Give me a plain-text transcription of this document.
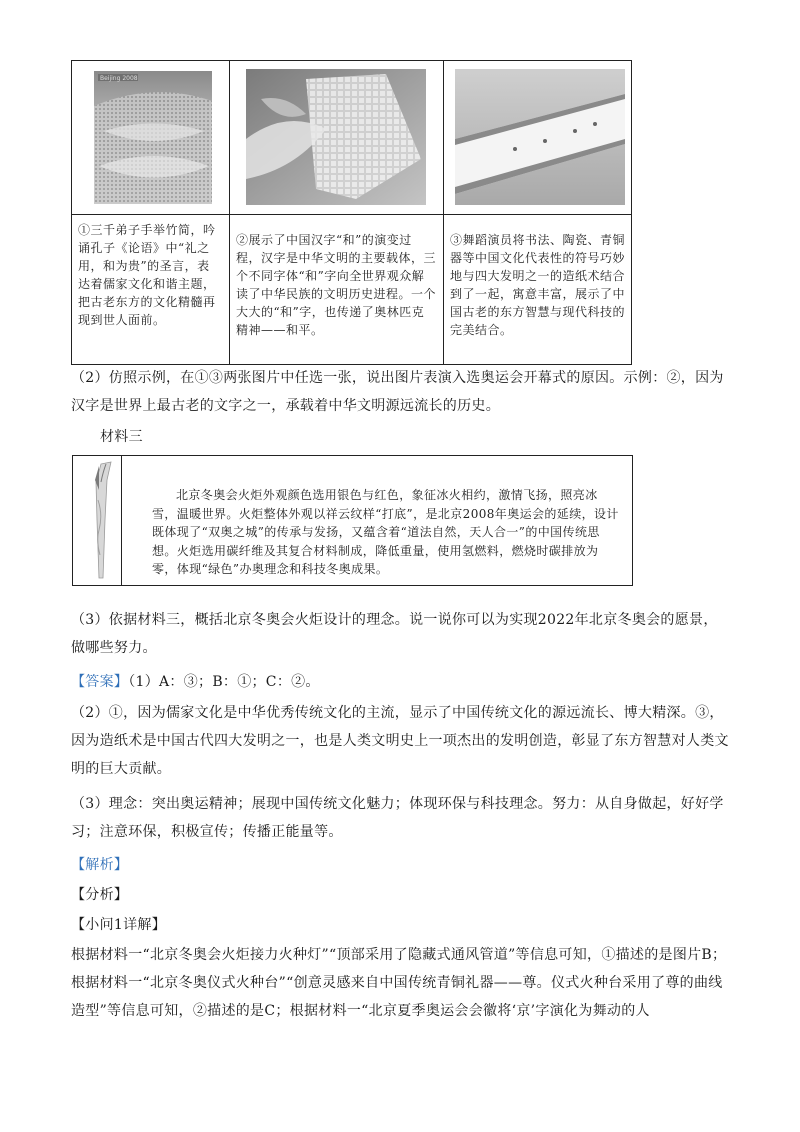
Beijing 2008
①三千弟子手举竹简，吟诵孔子《论语》中“礼之用，和为贵”的圣言，表达着儒家文化和谐主题，把古老东方的文化精髓再现到世人面前。
②展示了中国汉字“和”的演变过程，汉字是中华文明的主要载体，三个不同字体“和”字向全世界观众解读了中华民族的文明历史进程。一个大大的“和”字，也传递了奥林匹克精神——和平。
③舞蹈演员将书法、陶瓷、青铜器等中国文化代表性的符号巧妙地与四大发明之一的造纸术结合到了一起，寓意丰富，展示了中国古老的东方智慧与现代科技的完美结合。
（2）仿照示例，在①③两张图片中任选一张，说出图片表演入选奥运会开幕式的原因。示例：②，因为汉字是世界上最古老的文字之一，承载着中华文明源远流长的历史。
材料三
北京冬奥会火炬外观颜色选用银色与红色，象征冰火相约，激情飞扬，照亮冰雪，温暖世界。火炬整体外观以祥云纹样“打底”，是北京2008年奥运会的延续，设计既体现了“双奥之城”的传承与发扬，又蕴含着“道法自然，天人合一”的中国传统思想。火炬选用碳纤维及其复合材料制成，降低重量，使用氢燃料，燃烧时碳排放为零，体现“绿色”办奥理念和科技冬奥成果。
（3）依据材料三，概括北京冬奥会火炬设计的理念。说一说你可以为实现2022年北京冬奥会的愿景，做哪些努力。
【答案】（1）A：③；B：①；C：②。
（2）①，因为儒家文化是中华优秀传统文化的主流，显示了中国传统文化的源远流长、博大精深。③，因为造纸术是中国古代四大发明之一，也是人类文明史上一项杰出的发明创造，彰显了东方智慧对人类文明的巨大贡献。
（3）理念：突出奥运精神；展现中国传统文化魅力；体现环保与科技理念。努力：从自身做起，好好学习；注意环保，积极宣传；传播正能量等。
【解析】
【分析】
【小问1详解】
根据材料一“北京冬奥会火炬接力火种灯”“顶部采用了隐藏式通风管道”等信息可知，①描述的是图片B；根据材料一“北京冬奥仪式火种台”“创意灵感来自中国传统青铜礼器——尊。仪式火种台采用了尊的曲线造型”等信息可知，②描述的是C；根据材料一“北京夏季奥运会会徽将‘京’字演化为舞动的人
